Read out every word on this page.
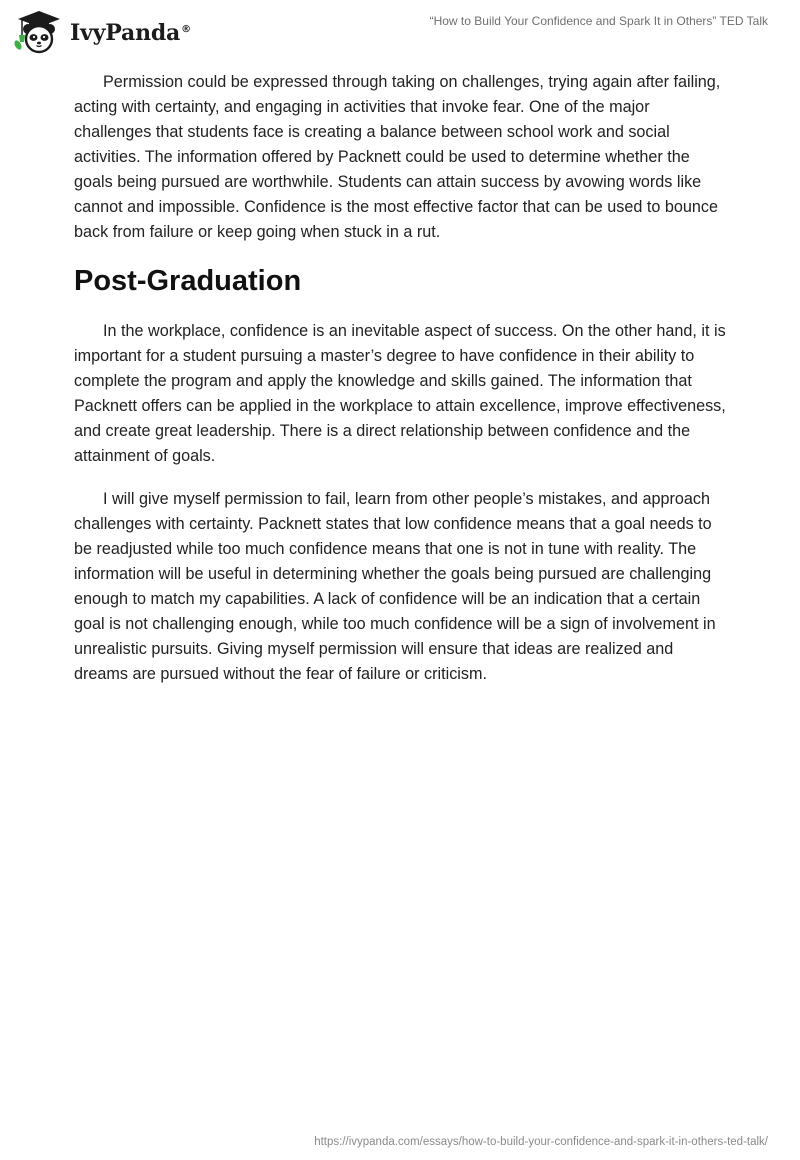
IvyPanda®
“How to Build Your Confidence and Spark It in Others” TED Talk

Permission could be expressed through taking on challenges, trying again after failing, acting with certainty, and engaging in activities that invoke fear. One of the major challenges that students face is creating a balance between school work and social activities. The information offered by Packnett could be used to determine whether the goals being pursued are worthwhile. Students can attain success by avowing words like cannot and impossible. Confidence is the most effective factor that can be used to bounce back from failure or keep going when stuck in a rut.

Post-Graduation

In the workplace, confidence is an inevitable aspect of success. On the other hand, it is important for a student pursuing a master’s degree to have confidence in their ability to complete the program and apply the knowledge and skills gained. The information that Packnett offers can be applied in the workplace to attain excellence, improve effectiveness, and create great leadership. There is a direct relationship between confidence and the attainment of goals.

I will give myself permission to fail, learn from other people’s mistakes, and approach challenges with certainty. Packnett states that low confidence means that a goal needs to be readjusted while too much confidence means that one is not in tune with reality. The information will be useful in determining whether the goals being pursued are challenging enough to match my capabilities. A lack of confidence will be an indication that a certain goal is not challenging enough, while too much confidence will be a sign of involvement in unrealistic pursuits. Giving myself permission will ensure that ideas are realized and dreams are pursued without the fear of failure or criticism.

https://ivypanda.com/essays/how-to-build-your-confidence-and-spark-it-in-others-ted-talk/
